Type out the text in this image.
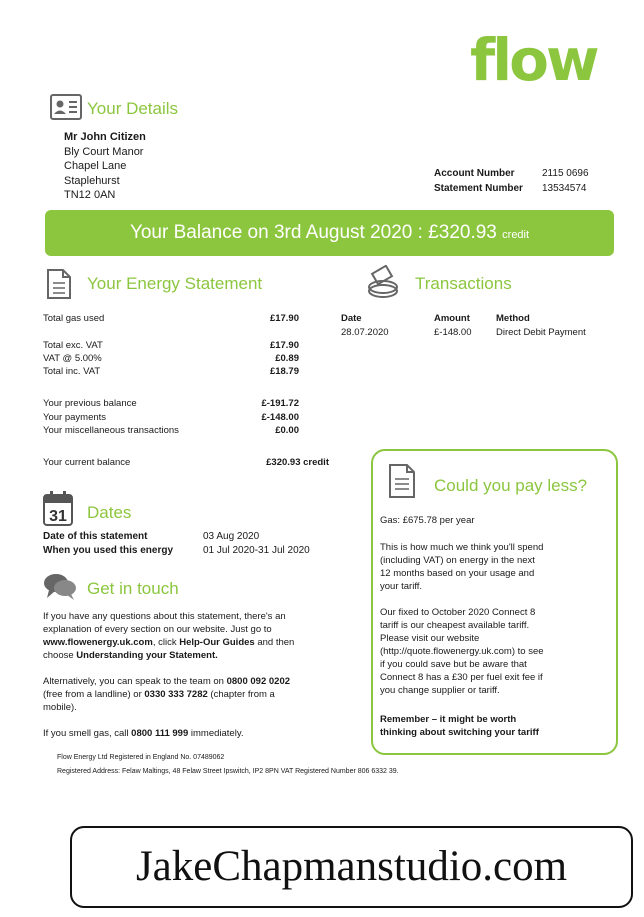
flow
Your Details
Mr John Citizen
Bly Court Manor
Chapel Lane
Staplehurst
TN12 0AN
Account Number	2115 0696
Statement Number 13534574
Your Balance on 3rd August 2020 : £320.93 credit
Your Energy Statement
Total gas used	£17.90
Total exc. VAT	£17.90
VAT @ 5.00%	£0.89
Total inc. VAT	£18.79
Your previous balance	£-191.72
Your payments	£-148.00
Your miscellaneous transactions	£0.00
Your current balance	£320.93 credit
Transactions
Date	Amount	Method
28.07.2020	£-148.00	Direct Debit Payment
31 Dates
Date of this statement	03 Aug 2020
When you used this energy	01 Jul 2020-31 Jul 2020
Get in touch
If you have any questions about this statement, there's an
explanation of every section on our website. Just go to
www.flowenergy.uk.com, click Help-Our Guides and then
choose Understanding your Statement.
Alternatively, you can speak to the team on 0800 092 0202
(free from a landline) or 0330 333 7282 (chapter from a
mobile).
If you smell gas, call 0800 111 999 immediately.
Could you pay less?
Gas: £675.78 per year
This is how much we think you'll spend
(including VAT) on energy in the next
12 months based on your usage and
your tariff.
Our fixed to October 2020 Connect 8
tariff is our cheapest available tariff.
Please visit our website
(http://quote.flowenergy.uk.com) to see
if you could save but be aware that
Connect 8 has a £30 per fuel exit fee if
you change supplier or tariff.
Remember – it might be worth
thinking about switching your tariff
Flow Energy Ltd Registered in England No. 07489062
Registered Address: Felaw Maltings, 48 Felaw Street Ipswitch, IP2 8PN VAT Registered Number 806 6332 39.
JakeChapmanstudio.com
